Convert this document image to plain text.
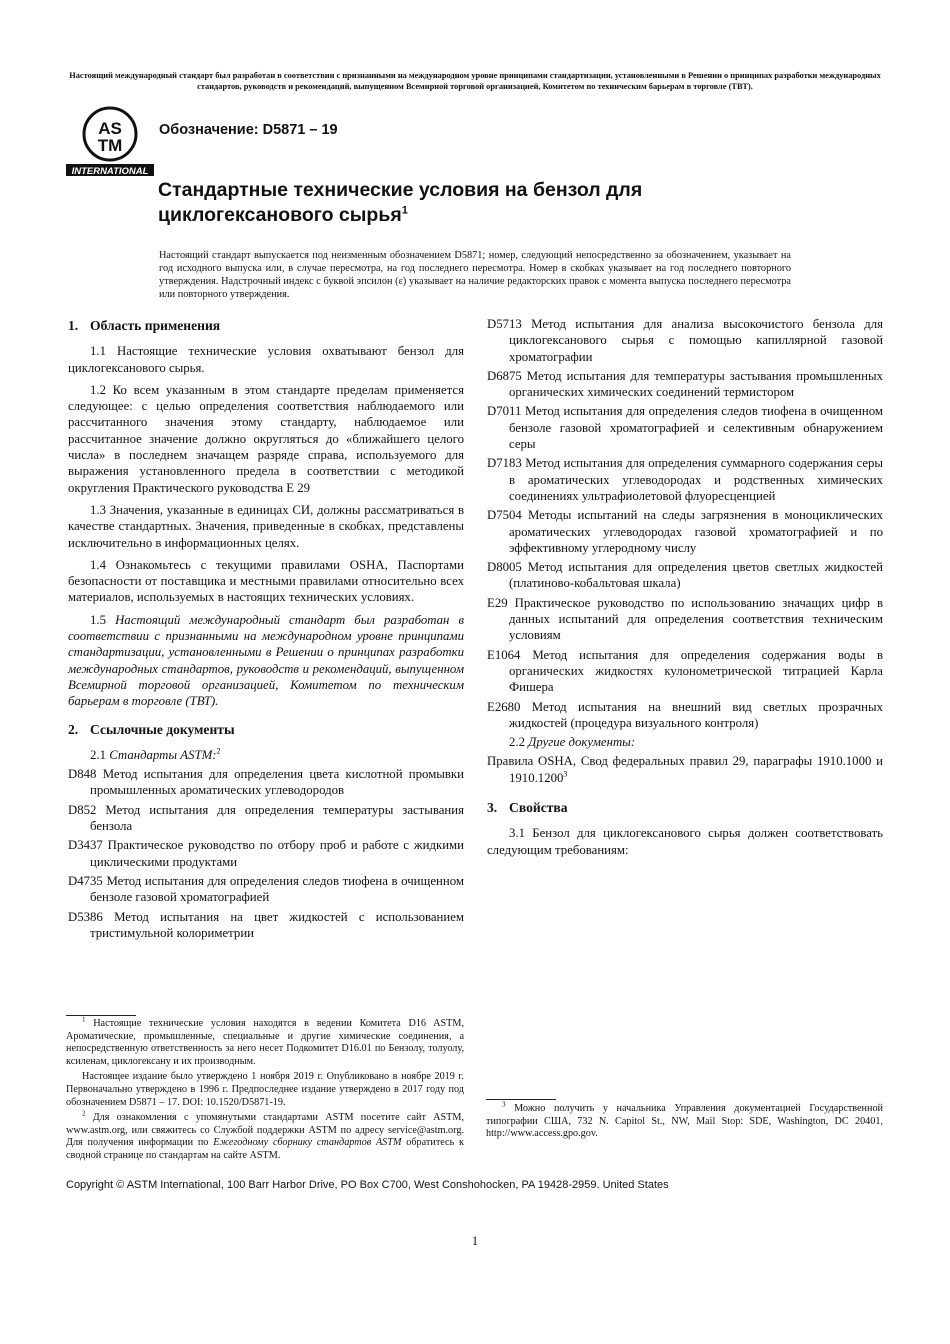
Настоящий международный стандарт был разработан в соответствии с признанными на международном уровне принципами стандартизации, установленными в Решении о принципах разработки международных стандартов, руководств и рекомендаций, выпущенном Всемирной торговой организацией, Комитетом по техническим барьерам в торговле (ТВТ).
AS
TM
INTERNATIONAL
Обозначение: D5871 – 19
Стандартные технические условия на бензол для циклогексанового сырья$^1$

Настоящий стандарт выпускается под неизменным обозначением D5871; номер, следующий непосредственно за обозначением, указывает на год исходного выпуска или, в случае пересмотра, на год последнего пересмотра. Номер в скобках указывает на год последнего повторного утверждения. Надстрочный индекс с буквой эпсилон (ε) указывает на наличие редакторских правок с момента выпуска последнего пересмотра или повторного утверждения.

1. Область применения

1.1 Настоящие технические условия охватывают бензол для циклогексанового сырья.

1.2 Ко всем указанным в этом стандарте пределам применяется следующее: с целью определения соответствия наблюдаемого или рассчитанного значения этому стандарту, наблюдаемое или рассчитанное значение должно округляться до «ближайшего целого числа» в последнем значащем разряде справа, используемого для выражения установленного предела в соответствии с методикой округления Практического руководства E 29

1.3 Значения, указанные в единицах СИ, должны рассматриваться в качестве стандартных. Значения, приведенные в скобках, представлены исключительно в информационных целях.

1.4 Ознакомьтесь с текущими правилами OSHA, Паспортами безопасности от поставщика и местными правилами относительно всех материалов, используемых в настоящих технических условиях.

1.5 Настоящий международный стандарт был разработан в соответствии с признанными на международном уровне принципами стандартизации, установленными в Решении о принципах разработки международных стандартов, руководств и рекомендаций, выпущенном Всемирной торговой организацией, Комитетом по техническим барьерам в торговле (ТВТ).

2. Ссылочные документы
2.1 Стандарты ASTM:$^2$
D848 Метод испытания для определения цвета кислотной промывки промышленных ароматических углеводородов
D852 Метод испытания для определения температуры застывания бензола
D3437 Практическое руководство по отбору проб и работе с жидкими циклическими продуктами
D4735 Метод испытания для определения следов тиофена в очищенном бензоле газовой хроматографией
D5386 Метод испытания на цвет жидкостей с использованием тристимульной колориметрии
D5713 Метод испытания для анализа высокочистого бензола для циклогексанового сырья с помощью капиллярной газовой хроматографии
D6875 Метод испытания для температуры застывания промышленных органических химических соединений термистором
D7011 Метод испытания для определения следов тиофена в очищенном бензоле газовой хроматографией и селективным обнаружением серы
D7183 Метод испытания для определения суммарного содержания серы в ароматических углеводородах и родственных химических соединениях ультрафиолетовой флуоресценцией
D7504 Методы испытаний на следы загрязнения в моноциклических ароматических углеводородах газовой хроматографией и по эффективному углеродному числу
D8005 Метод испытания для определения цветов светлых жидкостей (платиново-кобальтовая шкала)
E29 Практическое руководство по использованию значащих цифр в данных испытаний для определения соответствия техническим условиям
E1064 Метод испытания для определения содержания воды в органических жидкостях кулонометрической титрацией Карла Фишера
E2680 Метод испытания на внешний вид светлых прозрачных жидкостей (процедура визуального контроля)
2.2 Другие документы:
Правила OSHA, Свод федеральных правил 29, параграфы 1910.1000 и 1910.1200$^3$
3. Свойства

3.1 Бензол для циклогексанового сырья должен соответствовать следующим требованиям:

$^1$ Настоящие технические условия находятся в ведении Комитета D16 ASTM, Ароматические, промышленные, специальные и другие химические соединения, а непосредственную ответственность за него несет Подкомитет D16.01 по Бензолу, толуолу, ксиленам, циклогексану и их производным.

Настоящее издание было утверждено 1 ноября 2019 г. Опубликовано в ноябре 2019 г. Первоначально утверждено в 1996 г. Предпоследнее издание утверждено в 2017 году под обозначением D5871 – 17. DOI: 10.1520/D5871-19.

$^2$ Для ознакомления с упомянутыми стандартами ASTM посетите сайт ASTM, www.astm.org, или свяжитесь со Службой поддержки ASTM по адресу service@astm.org. Для получения информации по Ежегодному сборнику стандартов ASTM обратитесь к сводной странице по стандартам на сайте ASTM.

$^3$ Можно получить у начальника Управления документацией Государственной типографии США, 732 N. Capitol St., NW, Mail Stop: SDE, Washington, DC 20401, http://www.access.gpo.gov.

Copyright © ASTM International, 100 Barr Harbor Drive, PO Box C700, West Conshohocken, PA 19428-2959. United States
1
